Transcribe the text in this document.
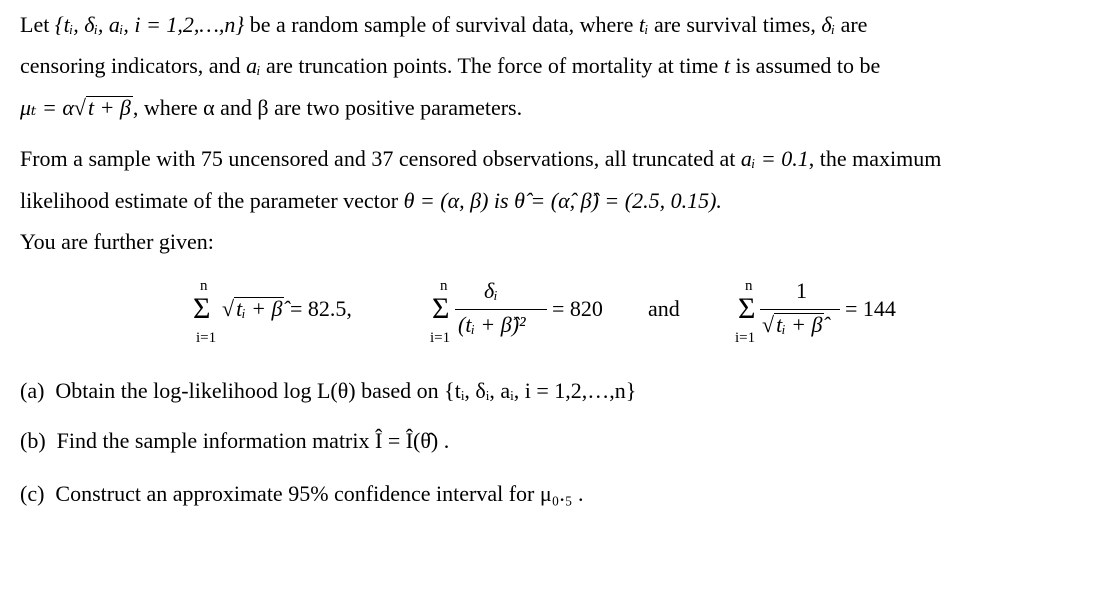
Let {tᵢ, δᵢ, aᵢ, i = 1,2,…,n} be a random sample of survival data, where tᵢ are survival times, δᵢ are
censoring indicators, and aᵢ are truncation points. The force of mortality at time t is assumed to be
μₜ = α√t + β, where α and β are two positive parameters.
From a sample with 75 uncensored and 37 censored observations, all truncated at aᵢ = 0.1, the maximum
likelihood estimate of the parameter vector θ = (α, β) is θ̂ = (α̂, β̂) = (2.5, 0.15).
You are further given:
n
Σ
i=1
√tᵢ + β̂ = 82.5,
n
Σ
i=1
δᵢ
(tᵢ + β̂)²
= 820 and
n
Σ
i=1
1
√tᵢ + β̂
= 144
(a) Obtain the log-likelihood log L(θ) based on {tᵢ, δᵢ, aᵢ, i = 1,2,…,n}
(b) Find the sample information matrix Î = Î(θ̂) .
(c) Construct an approximate 95% confidence interval for μ₀.₅ .
